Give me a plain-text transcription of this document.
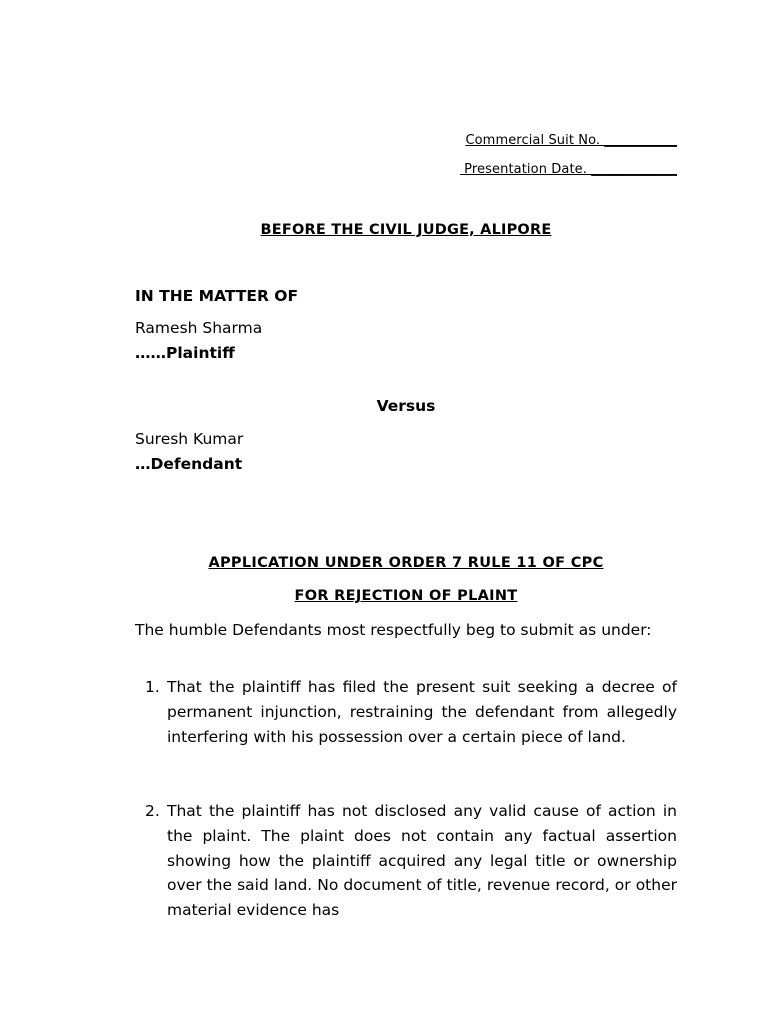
Commercial Suit No. ___________
Presentation Date. _____________
BEFORE THE CIVIL JUDGE, ALIPORE
IN THE MATTER OF
Ramesh Sharma
……Plaintiff
Versus
Suresh Kumar
…Defendant
APPLICATION UNDER ORDER 7 RULE 11 OF CPC
FOR REJECTION OF PLAINT
The humble Defendants most respectfully beg to submit as under:
1. That the plaintiff has filed the present suit seeking a decree of permanent injunction, restraining the defendant from allegedly interfering with his possession over a certain piece of land.
2. That the plaintiff has not disclosed any valid cause of action in the plaint. The plaint does not contain any factual assertion showing how the plaintiff acquired any legal title or ownership over the said land. No document of title, revenue record, or other material evidence has
